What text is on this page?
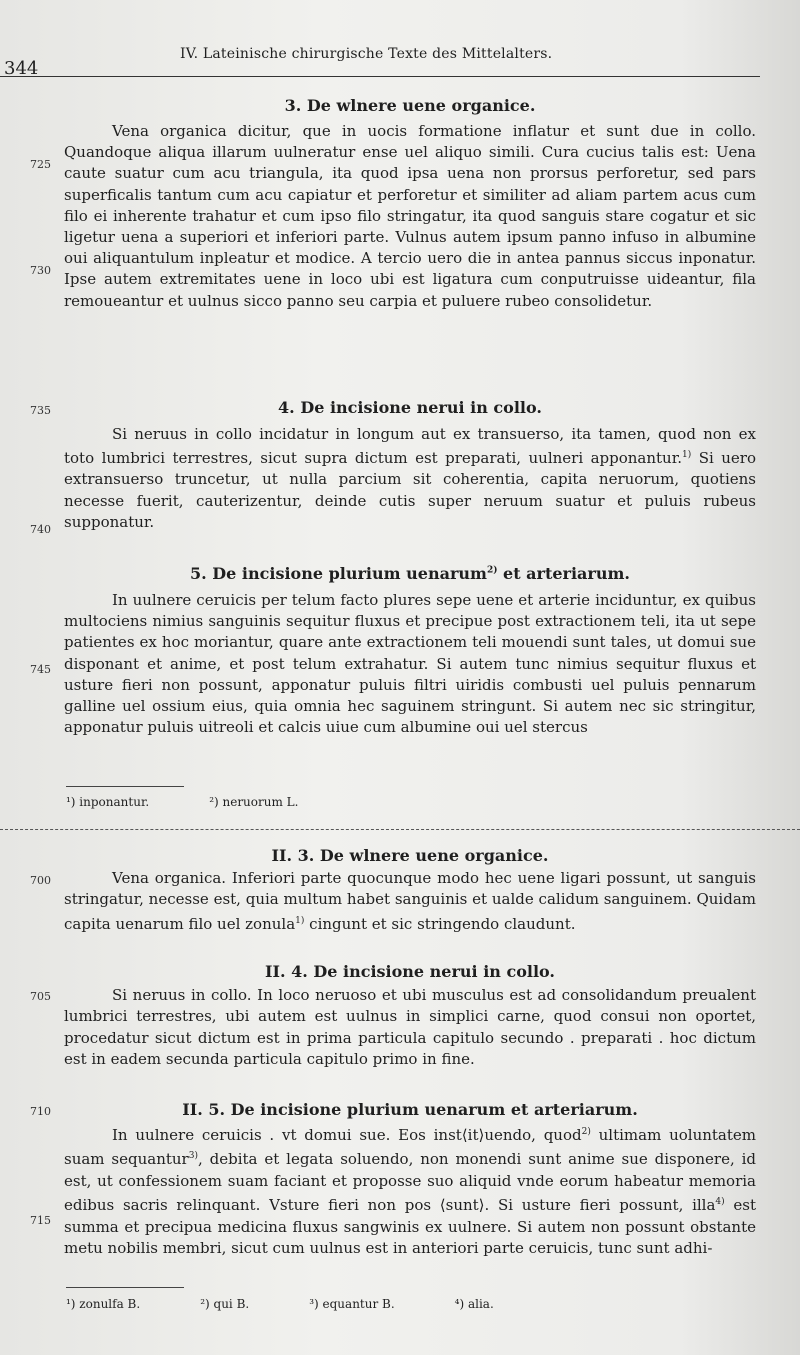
344
IV. Lateinische chirurgische Texte des Mittelalters.
3. De wlnere uene organice.
Vena organica dicitur, que in uocis formatione inflatur et sunt due in collo. Quandoque aliqua illarum uulneratur ense uel aliquo simili. Cura cucius talis est: Uena caute suatur cum acu triangula, ita quod ipsa uena non prorsus perforetur, sed pars superficalis tantum cum acu capiatur et perforetur et similiter ad aliam partem acus cum filo ei inherente trahatur et cum ipso filo stringatur, ita quod sanguis stare cogatur et sic ligetur uena a superiori et inferiori parte. Vulnus autem ipsum panno infuso in albumine oui aliquantulum inpleatur et modice. A tercio uero die in antea pannus siccus inponatur. Ipse autem extremitates uene in loco ubi est ligatura cum conputruisse uideantur, fila remoueantur et uulnus sicco panno seu carpia et puluere rubeo consolidetur.
4. De incisione nerui in collo.
Si neruus in collo incidatur in longum aut ex transuerso, ita tamen, quod non ex toto lumbrici terrestres, sicut supra dictum est preparati, uulneri apponantur.$^{1)}$ Si uero extransuerso truncetur, ut nulla parcium sit coherentia, capita neruorum, quotiens necesse fuerit, cauterizentur, deinde cutis super neruum suatur et puluis rubeus supponatur.
5. De incisione plurium uenarum$^{2)}$ et arteriarum.
In uulnere ceruicis per telum facto plures sepe uene et arterie inciduntur, ex quibus multociens nimius sanguinis sequitur fluxus et precipue post extractionem teli, ita ut sepe patientes ex hoc moriantur, quare ante extractionem teli mouendi sunt tales, ut domui sue disponant et anime, et post telum extrahatur. Si autem tunc nimius sequitur fluxus et usture fieri non possunt, apponatur puluis filtri uiridis combusti uel puluis pennarum galline uel ossium eius, quia omnia hec saguinem stringunt. Si autem nec sic stringitur, apponatur puluis uitreoli et calcis uiue cum albumine oui uel stercus
725
730
735
740
745
¹) inponantur.	²) neruorum L.
II. 3. De wlnere uene organice.
Vena organica. Inferiori parte quocunque modo hec uene ligari possunt, ut sanguis stringatur, necesse est, quia multum habet sanguinis et ualde calidum sanguinem. Quidam capita uenarum filo uel zonula$^{1)}$ cingunt et sic stringendo claudunt.
II. 4. De incisione nerui in collo.
Si neruus in collo. In loco neruoso et ubi musculus est ad consolidandum preualent lumbrici terrestres, ubi autem est uulnus in simplici carne, quod consui non oportet, procedatur sicut dictum est in prima particula capitulo secundo . preparati . hoc dictum est in eadem secunda particula capitulo primo in fine.
II. 5. De incisione plurium uenarum et arteriarum.
In uulnere ceruicis . vt domui sue. Eos inst⟨it⟩uendo, quod$^{2)}$ ultimam uoluntatem suam sequantur$^{3)}$, debita et legata soluendo, non monendi sunt anime sue disponere, id est, ut confessionem suam faciant et proposse suo aliquid vnde eorum habeatur memoria edibus sacris relinquant. Vsture fieri non pos ⟨sunt⟩. Si usture fieri possunt, illa$^{4)}$ est summa et precipua medicina fluxus sangwinis ex uulnere. Si autem non possunt obstante metu nobilis membri, sicut cum uulnus est in anteriori parte ceruicis, tunc sunt adhi-
700
705
710
715
¹) zonulfa B.	²) qui B.	³) equantur B.	⁴) alia.
